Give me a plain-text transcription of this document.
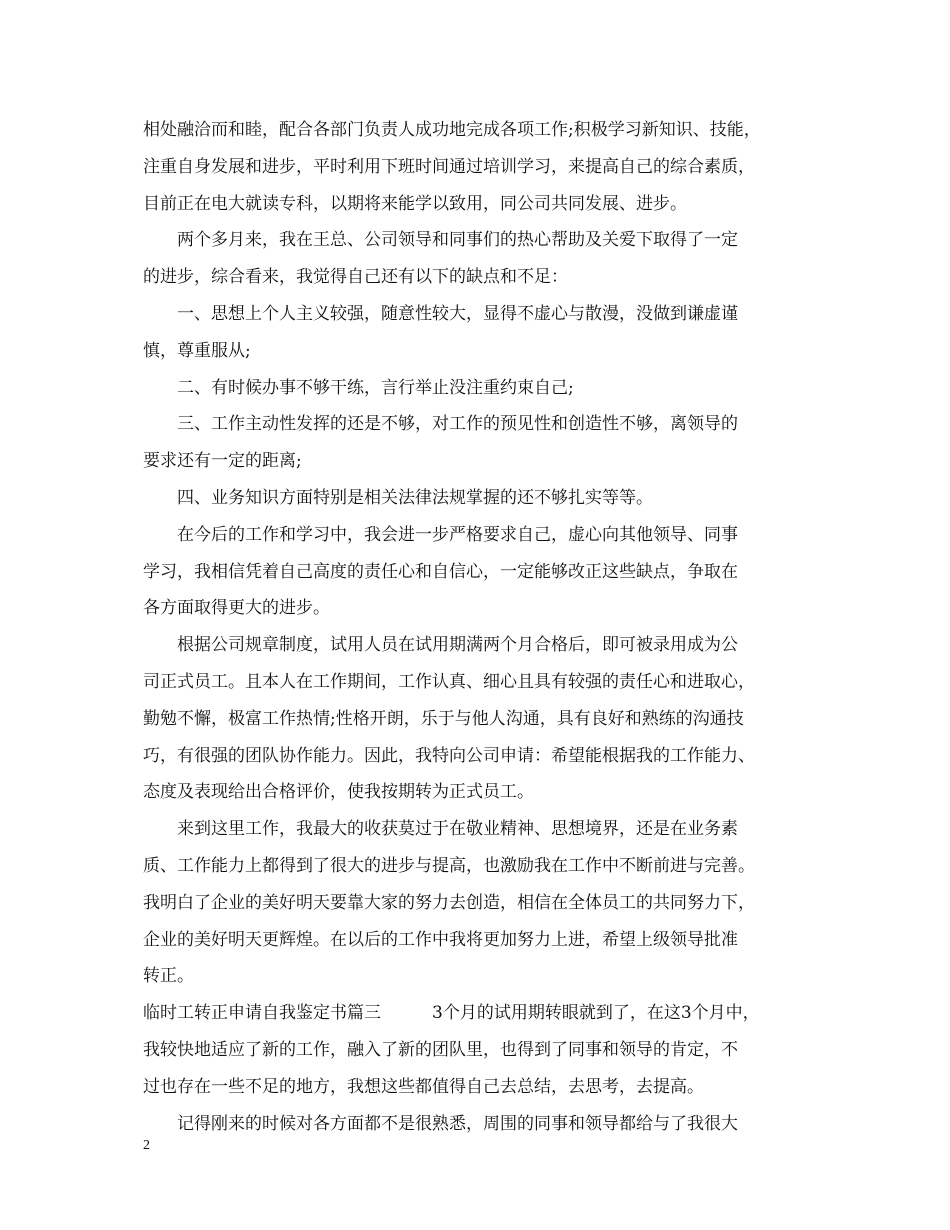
相处融洽而和睦，配合各部门负责人成功地完成各项工作;积极学习新知识、技能，
注重自身发展和进步，平时利用下班时间通过培训学习，来提高自己的综合素质，
目前正在电大就读专科，以期将来能学以致用，同公司共同发展、进步。
　　两个多月来，我在王总、公司领导和同事们的热心帮助及关爱下取得了一定
的进步，综合看来，我觉得自己还有以下的缺点和不足：
　　一、思想上个人主义较强，随意性较大，显得不虚心与散漫，没做到谦虚谨
慎，尊重服从;
　　二、有时候办事不够干练，言行举止没注重约束自己;
　　三、工作主动性发挥的还是不够，对工作的预见性和创造性不够，离领导的
要求还有一定的距离;
　　四、业务知识方面特别是相关法律法规掌握的还不够扎实等等。
　　在今后的工作和学习中，我会进一步严格要求自己，虚心向其他领导、同事
学习，我相信凭着自己高度的责任心和自信心，一定能够改正这些缺点，争取在
各方面取得更大的进步。
　　根据公司规章制度，试用人员在试用期满两个月合格后，即可被录用成为公
司正式员工。且本人在工作期间，工作认真、细心且具有较强的责任心和进取心，
勤勉不懈，极富工作热情;性格开朗，乐于与他人沟通，具有良好和熟练的沟通技
巧，有很强的团队协作能力。因此，我特向公司申请：希望能根据我的工作能力、
态度及表现给出合格评价，使我按期转为正式员工。
　　来到这里工作，我最大的收获莫过于在敬业精神、思想境界，还是在业务素
质、工作能力上都得到了很大的进步与提高，也激励我在工作中不断前进与完善。
我明白了企业的美好明天要靠大家的努力去创造，相信在全体员工的共同努力下，
企业的美好明天更辉煌。在以后的工作中我将更加努力上进，希望上级领导批准
转正。
临时工转正申请自我鉴定书篇三　　　3个月的试用期转眼就到了，在这3个月中，
我较快地适应了新的工作，融入了新的团队里，也得到了同事和领导的肯定，不
过也存在一些不足的地方，我想这些都值得自己去总结，去思考，去提高。
　　记得刚来的时候对各方面都不是很熟悉，周围的同事和领导都给与了我很大
2
